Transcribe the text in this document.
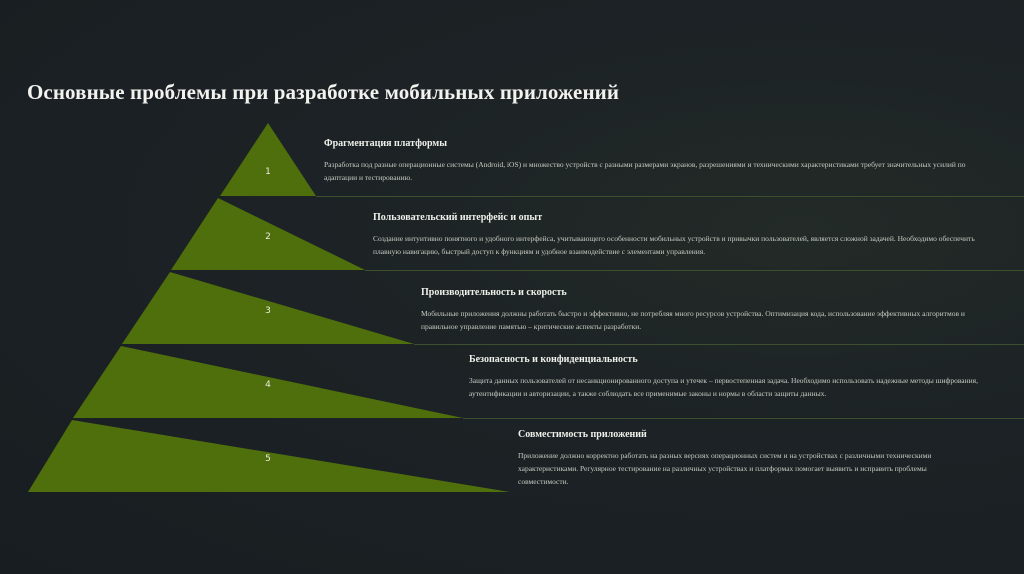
Основные проблемы при разработке мобильных приложений
1
2
3
4
5

Фрагментация платформы

Разработка под разные операционные системы (Android, iOS) и множество устройств с разными размерами экранов, разрешениями и техническими характеристиками требует значительных усилий по адаптации и тестированию.

Пользовательский интерфейс и опыт

Создание интуитивно понятного и удобного интерфейса, учитывающего особенности мобильных устройств и привычки пользователей, является сложной задачей. Необходимо обеспечить плавную навигацию, быстрый доступ к функциям и удобное взаимодействие с элементами управления.

Производительность и скорость

Мобильные приложения должны работать быстро и эффективно, не потребляя много ресурсов устройства. Оптимизация кода, использование эффективных алгоритмов и правильное управление памятью – критические аспекты разработки.

Безопасность и конфиденциальность

Защита данных пользователей от несанкционированного доступа и утечек – первостепенная задача. Необходимо использовать надежные методы шифрования, аутентификации и авторизации, а также соблюдать все применимые законы и нормы в области защиты данных.

Совместимость приложений

Приложение должно корректно работать на разных версиях операционных систем и на устройствах с различными техническими характеристиками. Регулярное тестирование на различных устройствах и платформах помогает выявить и исправить проблемы совместимости.
